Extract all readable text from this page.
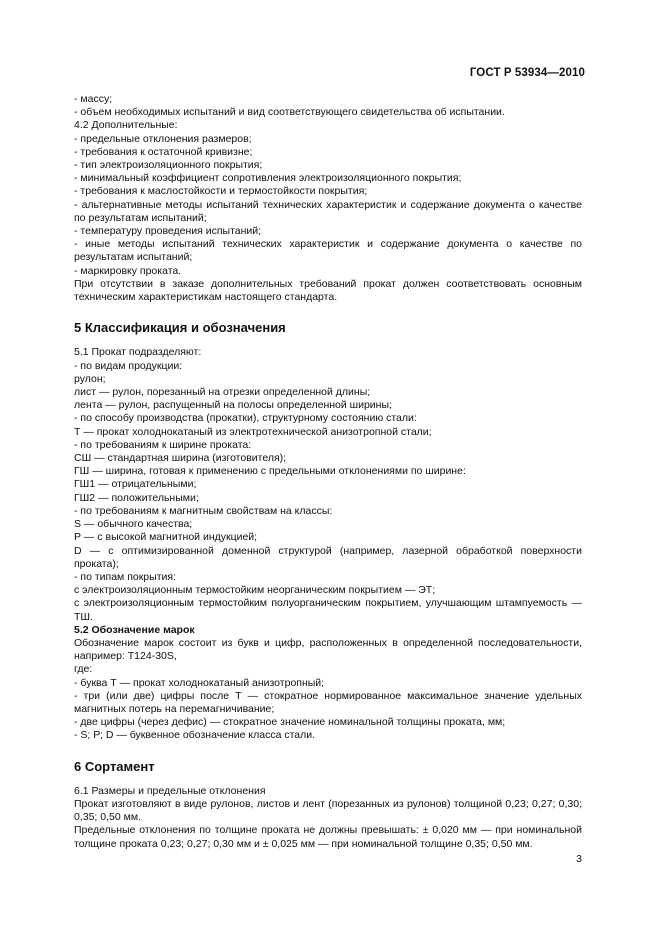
ГОСТ Р 53934—2010

- массу;

- объем необходимых испытаний и вид соответствующего свидетельства об испытании.

4.2 Дополнительные:

- предельные отклонения размеров;

- требования к остаточной кривизне;

- тип электроизоляционного покрытия;

- минимальный коэффициент сопротивления электроизоляционного покрытия;

- требования к маслостойкости и термостойкости покрытия;

- альтернативные методы испытаний технических характеристик и содержание документа о качестве по результатам испытаний;

- температуру проведения испытаний;

- иные методы испытаний технических характеристик и содержание документа о качестве по результатам испытаний;

- маркировку проката.

При отсутствии в заказе дополнительных требований прокат должен соответствовать основным техническим характеристикам настоящего стандарта.

5 Классификация и обозначения

5.1 Прокат подразделяют:

- по видам продукции:

рулон;

лист — рулон, порезанный на отрезки определенной длины;

лента — рулон, распущенный на полосы определенной ширины;

- по способу производства (прокатки), структурному состоянию стали:

Т — прокат холоднокатаный из электротехнической анизотропной стали;

- по требованиям к ширине проката:

СШ — стандартная ширина (изготовителя);

ГШ — ширина, готовая к применению с предельными отклонениями по ширине:

ГШ1 — отрицательными;

ГШ2 — положительными;

- по требованиям к магнитным свойствам на классы:

S — обычного качества;

Р — с высокой магнитной индукцией;

D — с оптимизированной доменной структурой (например, лазерной обработкой поверхности проката);

- по типам покрытия:

с электроизоляционным термостойким неорганическим покрытием — ЭТ;

с электроизоляционным термостойким полуорганическим покрытием, улучшающим штампуемость — ТШ.

5.2 Обозначение марок

Обозначение марок состоит из букв и цифр, расположенных в определенной последовательности, например: Т124-30S,

где:

- буква Т — прокат холоднокатаный анизотропный;

- три (или две) цифры после Т — стократное нормированное максимальное значение удельных магнитных потерь на перемагничивание;

- две цифры (через дефис) — стократное значение номинальной толщины проката, мм;

- S; Р; D — буквенное обозначение класса стали.

6 Сортамент

6.1 Размеры и предельные отклонения

Прокат изготовляют в виде рулонов, листов и лент (порезанных из рулонов) толщиной 0,23; 0,27; 0,30; 0,35; 0,50 мм.

Предельные отклонения по толщине проката не должны превышать: ± 0,020 мм — при номинальной толщине проката 0,23; 0,27; 0,30 мм и ± 0,025 мм — при номинальной толщине 0,35; 0,50 мм.

3
